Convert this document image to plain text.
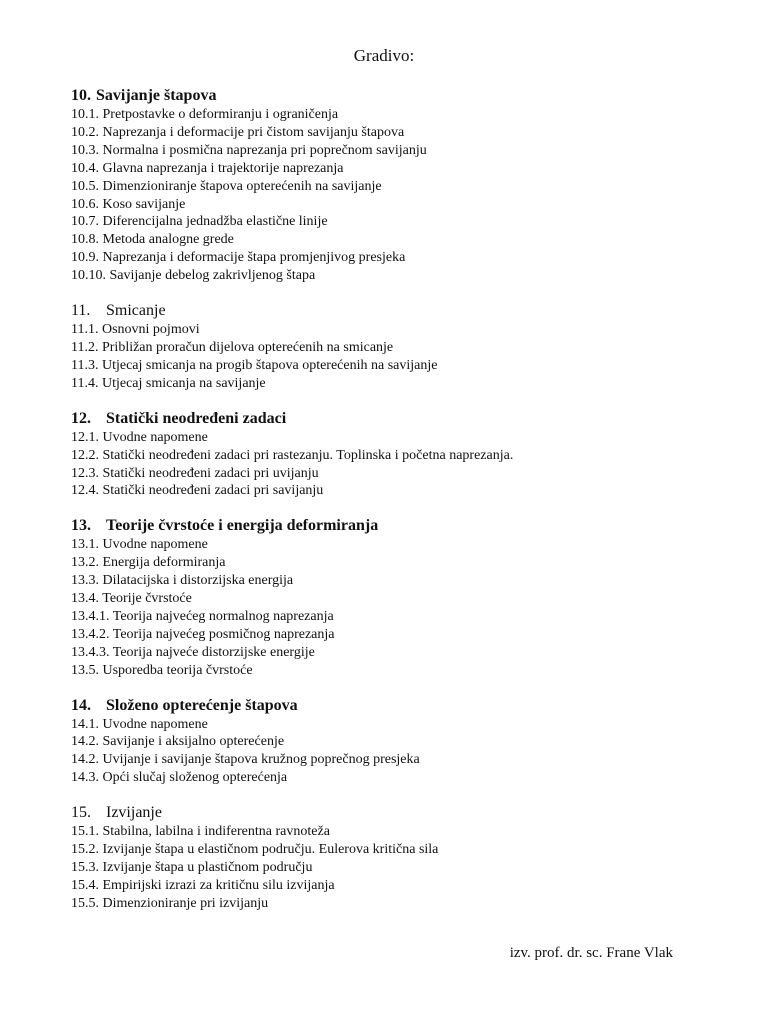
Gradivo:
10. Savijanje štapova
10.1. Pretpostavke o deformiranju i ograničenja
10.2. Naprezanja i deformacije pri čistom savijanju štapova
10.3. Normalna i posmična naprezanja pri poprečnom savijanju
10.4. Glavna naprezanja i trajektorije naprezanja
10.5. Dimenzioniranje štapova opterećenih na savijanje
10.6. Koso savijanje
10.7. Diferencijalna jednadžba elastične linije
10.8. Metoda analogne grede
10.9. Naprezanja i deformacije štapa promjenjivog presjeka
10.10. Savijanje debelog zakrivljenog štapa
11. Smicanje
11.1. Osnovni pojmovi
11.2. Približan proračun dijelova opterećenih na smicanje
11.3. Utjecaj smicanja na progib štapova opterećenih na savijanje
11.4. Utjecaj smicanja na savijanje
12. Statički neodređeni zadaci
12.1. Uvodne napomene
12.2. Statički neodređeni zadaci pri rastezanju. Toplinska i početna naprezanja.
12.3. Statički neodređeni zadaci pri uvijanju
12.4. Statički neodređeni zadaci pri savijanju
13. Teorije čvrstoće i energija deformiranja
13.1. Uvodne napomene
13.2. Energija deformiranja
13.3. Dilatacijska i distorzijska energija
13.4. Teorije čvrstoće
13.4.1. Teorija najvećeg normalnog naprezanja
13.4.2. Teorija najvećeg posmičnog naprezanja
13.4.3. Teorija najveće distorzijske energije
13.5. Usporedba teorija čvrstoće
14. Složeno opterećenje štapova
14.1. Uvodne napomene
14.2. Savijanje i aksijalno opterećenje
14.2. Uvijanje i savijanje štapova kružnog poprečnog presjeka
14.3. Opći slučaj složenog opterećenja
15. Izvijanje
15.1. Stabilna, labilna i indiferentna ravnoteža
15.2. Izvijanje štapa u elastičnom području. Eulerova kritična sila
15.3. Izvijanje štapa u plastičnom području
15.4. Empirijski izrazi za kritičnu silu izvijanja
15.5. Dimenzioniranje pri izvijanju
izv. prof. dr. sc. Frane Vlak
